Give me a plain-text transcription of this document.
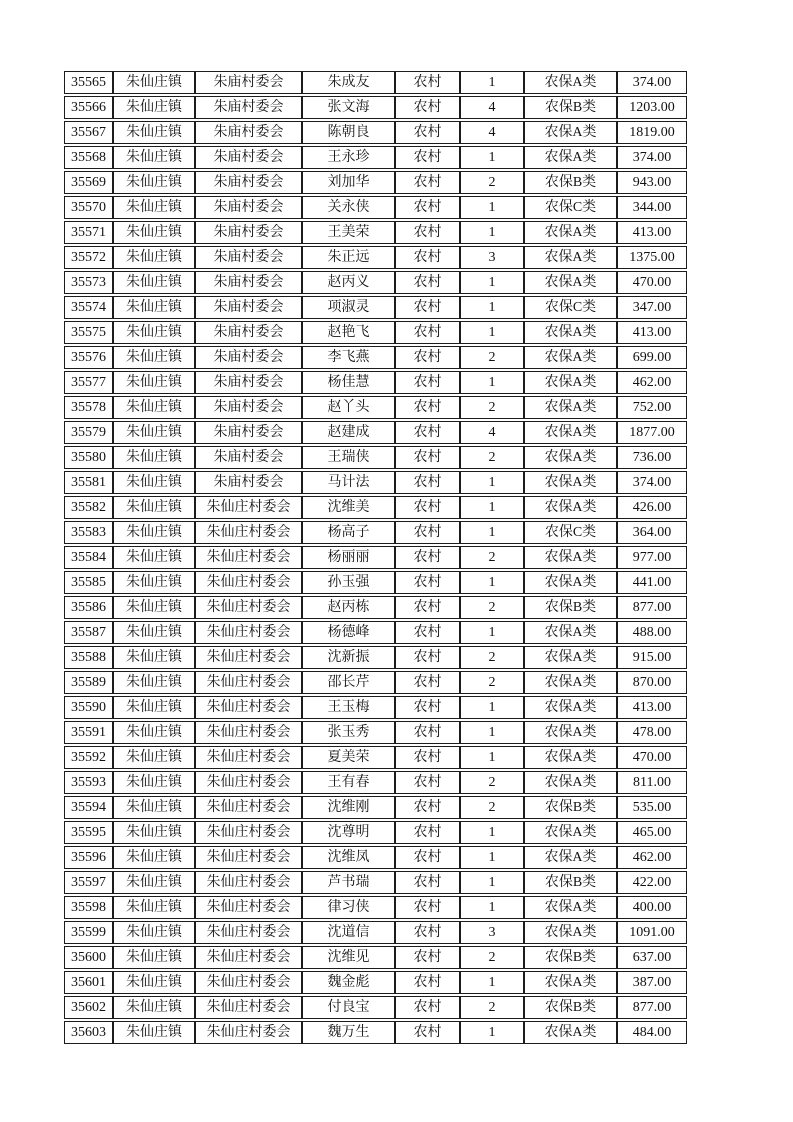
35565	朱仙庄镇	朱庙村委会	朱成友	农村	1	农保A类	374.00
35566	朱仙庄镇	朱庙村委会	张文海	农村	4	农保B类	1203.00
35567	朱仙庄镇	朱庙村委会	陈朝良	农村	4	农保A类	1819.00
35568	朱仙庄镇	朱庙村委会	王永珍	农村	1	农保A类	374.00
35569	朱仙庄镇	朱庙村委会	刘加华	农村	2	农保B类	943.00
35570	朱仙庄镇	朱庙村委会	关永侠	农村	1	农保C类	344.00
35571	朱仙庄镇	朱庙村委会	王美荣	农村	1	农保A类	413.00
35572	朱仙庄镇	朱庙村委会	朱正远	农村	3	农保A类	1375.00
35573	朱仙庄镇	朱庙村委会	赵丙义	农村	1	农保A类	470.00
35574	朱仙庄镇	朱庙村委会	项淑灵	农村	1	农保C类	347.00
35575	朱仙庄镇	朱庙村委会	赵艳飞	农村	1	农保A类	413.00
35576	朱仙庄镇	朱庙村委会	李飞燕	农村	2	农保A类	699.00
35577	朱仙庄镇	朱庙村委会	杨佳慧	农村	1	农保A类	462.00
35578	朱仙庄镇	朱庙村委会	赵丫头	农村	2	农保A类	752.00
35579	朱仙庄镇	朱庙村委会	赵建成	农村	4	农保A类	1877.00
35580	朱仙庄镇	朱庙村委会	王瑞侠	农村	2	农保A类	736.00
35581	朱仙庄镇	朱庙村委会	马计法	农村	1	农保A类	374.00
35582	朱仙庄镇	朱仙庄村委会	沈维美	农村	1	农保A类	426.00
35583	朱仙庄镇	朱仙庄村委会	杨高子	农村	1	农保C类	364.00
35584	朱仙庄镇	朱仙庄村委会	杨丽丽	农村	2	农保A类	977.00
35585	朱仙庄镇	朱仙庄村委会	孙玉强	农村	1	农保A类	441.00
35586	朱仙庄镇	朱仙庄村委会	赵丙栋	农村	2	农保B类	877.00
35587	朱仙庄镇	朱仙庄村委会	杨德峰	农村	1	农保A类	488.00
35588	朱仙庄镇	朱仙庄村委会	沈新振	农村	2	农保A类	915.00
35589	朱仙庄镇	朱仙庄村委会	邵长芹	农村	2	农保A类	870.00
35590	朱仙庄镇	朱仙庄村委会	王玉梅	农村	1	农保A类	413.00
35591	朱仙庄镇	朱仙庄村委会	张玉秀	农村	1	农保A类	478.00
35592	朱仙庄镇	朱仙庄村委会	夏美荣	农村	1	农保A类	470.00
35593	朱仙庄镇	朱仙庄村委会	王有春	农村	2	农保A类	811.00
35594	朱仙庄镇	朱仙庄村委会	沈维刚	农村	2	农保B类	535.00
35595	朱仙庄镇	朱仙庄村委会	沈尊明	农村	1	农保A类	465.00
35596	朱仙庄镇	朱仙庄村委会	沈维凤	农村	1	农保A类	462.00
35597	朱仙庄镇	朱仙庄村委会	芦书瑞	农村	1	农保B类	422.00
35598	朱仙庄镇	朱仙庄村委会	律习侠	农村	1	农保A类	400.00
35599	朱仙庄镇	朱仙庄村委会	沈道信	农村	3	农保A类	1091.00
35600	朱仙庄镇	朱仙庄村委会	沈维见	农村	2	农保B类	637.00
35601	朱仙庄镇	朱仙庄村委会	魏金彪	农村	1	农保A类	387.00
35602	朱仙庄镇	朱仙庄村委会	付良宝	农村	2	农保B类	877.00
35603	朱仙庄镇	朱仙庄村委会	魏万生	农村	1	农保A类	484.00
